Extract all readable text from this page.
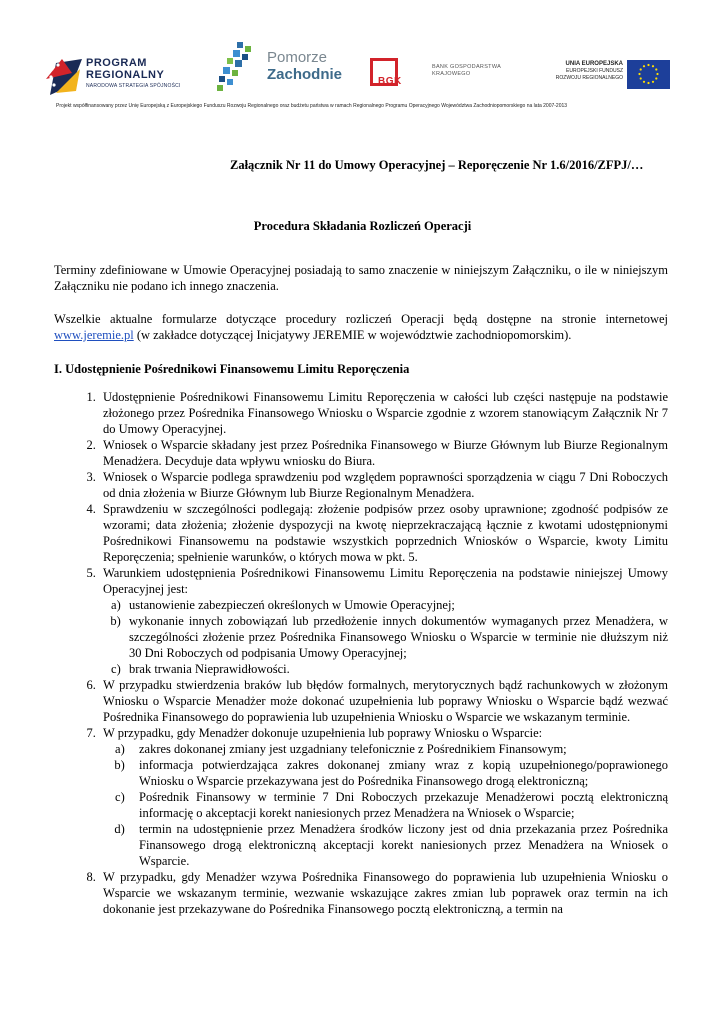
PROGRAM
REGIONALNY
NARODOWA STRATEGIA SPÓJNOŚCI
Pomorze
Zachodnie	BGK
BANK GOSPODARSTWA KRAJOWEGO
UNIA EUROPEJSKA
EUROPEJSKI FUNDUSZ
ROZWOJU REGIONALNEGO
Projekt współfinansowany przez Unię Europejską z Europejskiego Funduszu Rozwoju Regionalnego oraz budżetu państwa w ramach Regionalnego Programu Operacyjnego Województwa Zachodniopomorskiego na lata 2007-2013
Załącznik Nr 11 do Umowy Operacyjnej – Reporęczenie Nr 1.6/2016/ZFPJ/…
Procedura Składania Rozliczeń Operacji

Terminy zdefiniowane w Umowie Operacyjnej posiadają to samo znaczenie w niniejszym Załączniku, o ile w niniejszym Załączniku nie podano ich innego znaczenia.

Wszelkie aktualne formularze dotyczące procedury rozliczeń Operacji będą dostępne na stronie internetowej www.jeremie.pl (w zakładce dotyczącej Inicjatywy JEREMIE w województwie zachodniopomorskim).

I. Udostępnienie Pośrednikowi Finansowemu Limitu Reporęczenia
1. Udostępnienie Pośrednikowi Finansowemu Limitu Reporęczenia w całości lub części następuje na podstawie złożonego przez Pośrednika Finansowego Wniosku o Wsparcie zgodnie z wzorem stanowiącym Załącznik Nr 7 do Umowy Operacyjnej.
2. Wniosek o Wsparcie składany jest przez Pośrednika Finansowego w Biurze Głównym lub Biurze Regionalnym Menadżera. Decyduje data wpływu wniosku do Biura.
3. Wniosek o Wsparcie podlega sprawdzeniu pod względem poprawności sporządzenia w ciągu 7 Dni Roboczych od dnia złożenia w Biurze Głównym lub Biurze Regionalnym Menadżera.
4. Sprawdzeniu w szczególności podlegają: złożenie podpisów przez osoby uprawnione; zgodność podpisów ze wzorami; data złożenia; złożenie dyspozycji na kwotę nieprzekraczającą łącznie z kwotami udostępnionymi Pośrednikowi Finansowemu na podstawie wszystkich poprzednich Wniosków o Wsparcie, kwoty Limitu Reporęczenia; spełnienie warunków, o których mowa w pkt. 5.
5. Warunkiem udostępnienia Pośrednikowi Finansowemu Limitu Reporęczenia na podstawie niniejszej Umowy Operacyjnej jest:
a. ustanowienie zabezpieczeń określonych w Umowie Operacyjnej;
b. wykonanie innych zobowiązań lub przedłożenie innych dokumentów wymaganych przez Menadżera, w szczególności złożenie przez Pośrednika Finansowego Wniosku o Wsparcie w terminie nie dłuższym niż 30 Dni Roboczych od podpisania Umowy Operacyjnej;
c. brak trwania Nieprawidłowości.
6. W przypadku stwierdzenia braków lub błędów formalnych, merytorycznych bądź rachunkowych w złożonym Wniosku o Wsparcie Menadżer może dokonać uzupełnienia lub poprawy Wniosku o Wsparcie bądź wezwać Pośrednika Finansowego do poprawienia lub uzupełnienia Wniosku o Wsparcie we wskazanym terminie.
7. W przypadku, gdy Menadżer dokonuje uzupełnienia lub poprawy Wniosku o Wsparcie:
a. zakres dokonanej zmiany jest uzgadniany telefonicznie z Pośrednikiem Finansowym;
b. informacja potwierdzająca zakres dokonanej zmiany wraz z kopią uzupełnionego/poprawionego Wniosku o Wsparcie przekazywana jest do Pośrednika Finansowego drogą elektroniczną;
c. Pośrednik Finansowy w terminie 7 Dni Roboczych przekazuje Menadżerowi pocztą elektroniczną informację o akceptacji korekt naniesionych przez Menadżera na Wniosek o Wsparcie;
d. termin na udostępnienie przez Menadżera środków liczony jest od dnia przekazania przez Pośrednika Finansowego drogą elektroniczną akceptacji korekt naniesionych przez Menadżera na Wniosek o Wsparcie.
8. W przypadku, gdy Menadżer wzywa Pośrednika Finansowego do poprawienia lub uzupełnienia Wniosku o Wsparcie we wskazanym terminie, wezwanie wskazujące zakres zmian lub poprawek oraz termin na ich dokonanie jest przekazywane do Pośrednika Finansowego pocztą elektroniczną, a termin na
